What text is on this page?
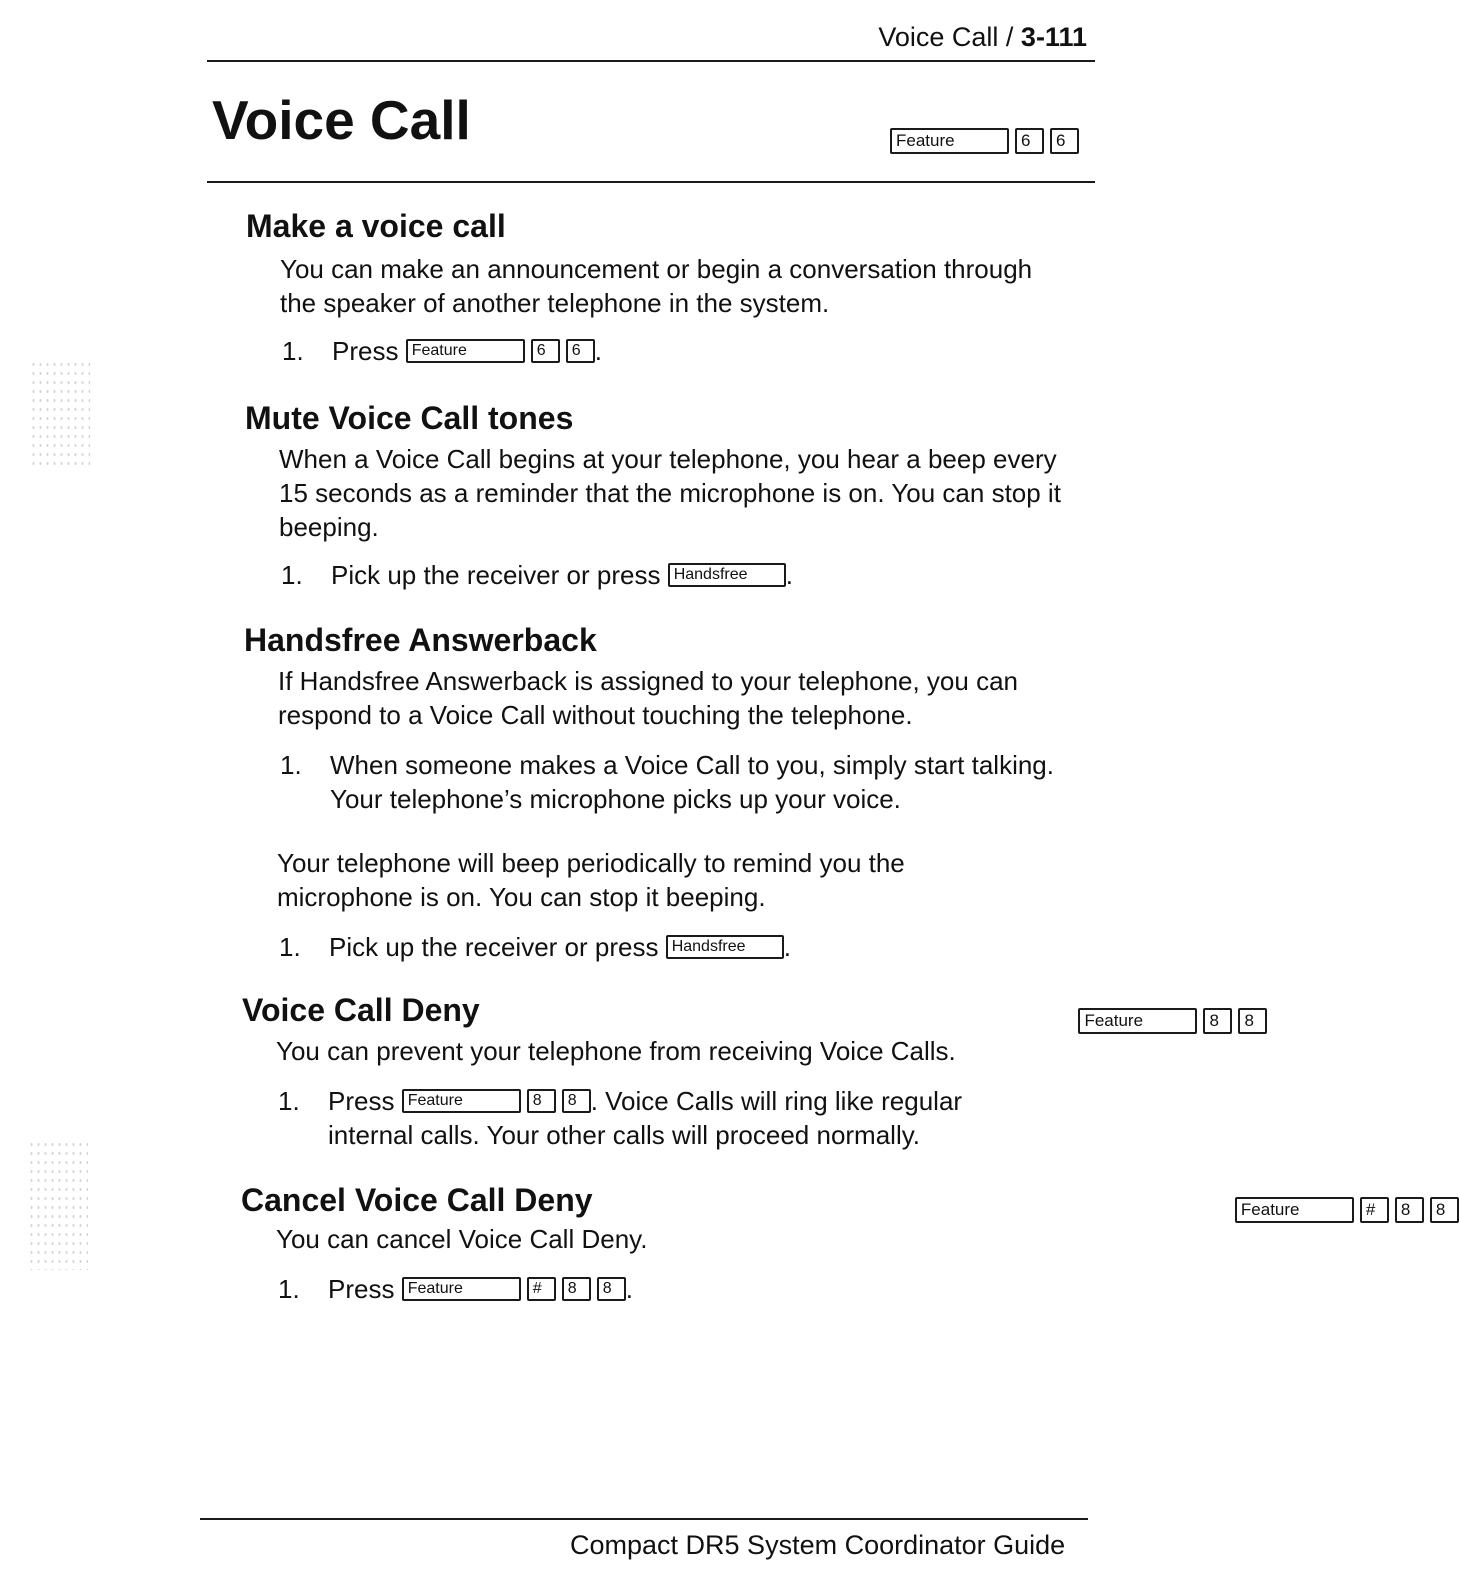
Voice Call / 3-111
Voice Call	Feature	6	6

Make a voice call

You can make an announcement or begin a conversation through the speaker of another telephone in the system.

1. Press Feature	6	6 .
Mute Voice Call tones

When a Voice Call begins at your telephone, you hear a beep every 15 seconds as a reminder that the microphone is on. You can stop it beeping.

1. Pick up the receiver or press Handsfree	.
Handsfree Answerback

If Handsfree Answerback is assigned to your telephone, you can respond to a Voice Call without touching the telephone.

1. When someone makes a Voice Call to you, simply start talking. Your telephone’s microphone picks up your voice.

Your telephone will beep periodically to remind you the microphone is on. You can stop it beeping.

1. Pick up the receiver or press Handsfree	.
Voice Call Deny	Feature	8	8

You can prevent your telephone from receiving Voice Calls.

1. Press Feature	8	8 . Voice Calls will ring like regular internal calls. Your other calls will proceed normally.
Cancel Voice Call Deny	Feature	#	8	8

You can cancel Voice Call Deny.

1. Press Feature	#	8	8 .
Compact DR5 System Coordinator Guide
